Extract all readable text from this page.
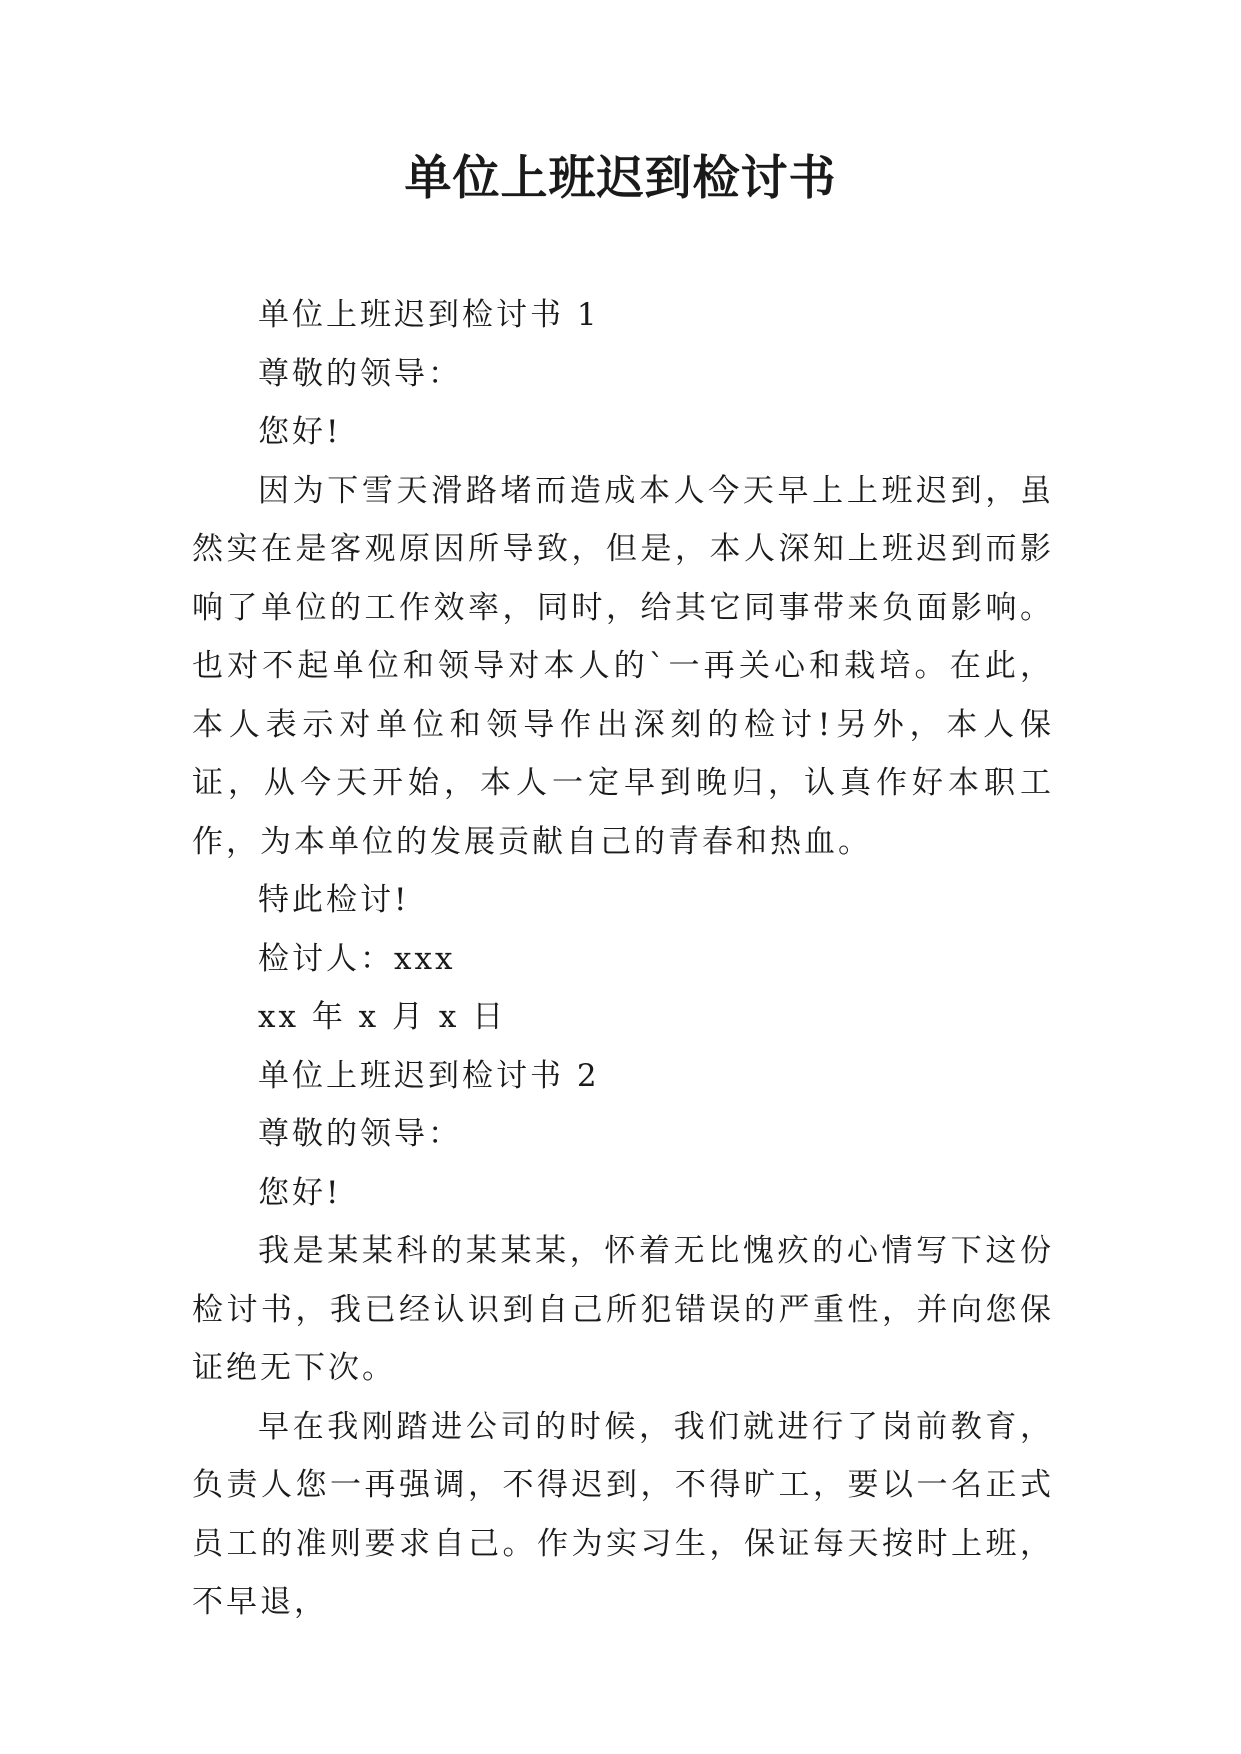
单位上班迟到检讨书

单位上班迟到检讨书 1

尊敬的领导：

您好!

因为下雪天滑路堵而造成本人今天早上上班迟到，虽然实在是客观原因所导致，但是，本人深知上班迟到而影响了单位的工作效率，同时，给其它同事带来负面影响。也对不起单位和领导对本人的`一再关心和栽培。在此，本人表示对单位和领导作出深刻的检讨!另外，本人保证，从今天开始，本人一定早到晚归，认真作好本职工作，为本单位的发展贡献自己的青春和热血。

特此检讨!

检讨人：xxx

xx 年 x 月 x 日

单位上班迟到检讨书 2

尊敬的领导：

您好!

我是某某科的某某某，怀着无比愧疚的心情写下这份检讨书，我已经认识到自己所犯错误的严重性，并向您保证绝无下次。

早在我刚踏进公司的时候，我们就进行了岗前教育，负责人您一再强调，不得迟到，不得旷工，要以一名正式员工的准则要求自己。作为实习生，保证每天按时上班，不早退，
